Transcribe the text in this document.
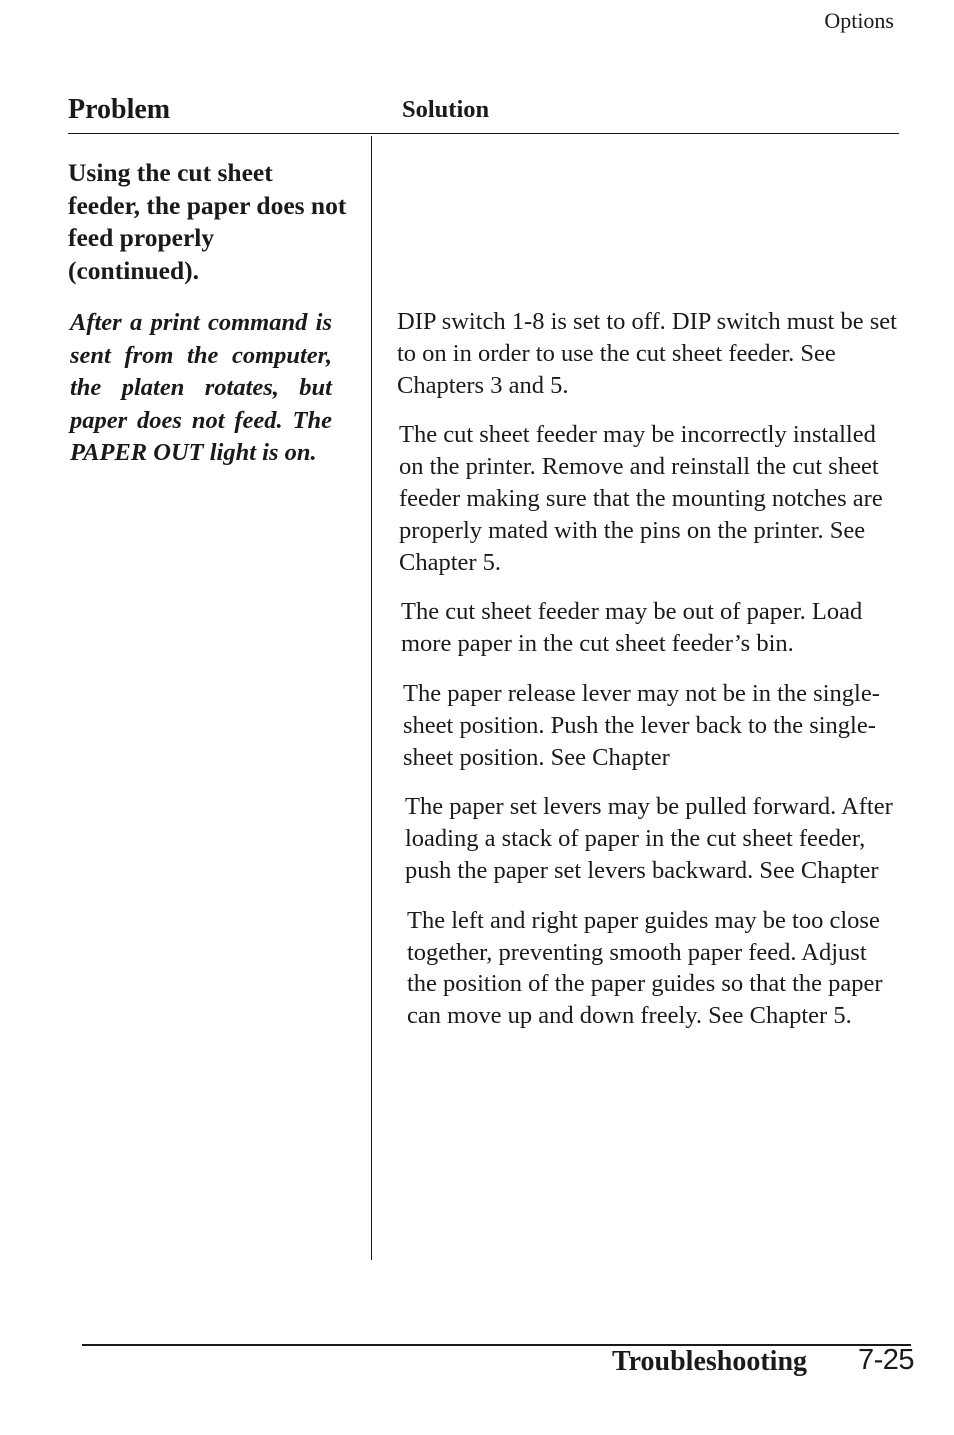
Options
Problem	Solution
Using the cut sheet feeder, the paper does not feed properly (continued).
After a print command is sent from the computer, the platen rotates, but paper does not feed. The PAPER OUT light is on.

DIP switch 1-8 is set to off. DIP switch must be set to on in order to use the cut sheet feeder. See Chapters 3 and 5.

The cut sheet feeder may be incorrectly installed on the printer. Remove and reinstall the cut sheet feeder making sure that the mounting notches are properly mated with the pins on the printer. See Chapter 5.

The cut sheet feeder may be out of paper. Load more paper in the cut sheet feeder’s bin.

The paper release lever may not be in the single-sheet position. Push the lever back to the single-sheet position. See Chapter

The paper set levers may be pulled forward. After loading a stack of paper in the cut sheet feeder, push the paper set levers backward. See Chapter

The left and right paper guides may be too close together, preventing smooth paper feed. Adjust the position of the paper guides so that the paper can move up and down freely. See Chapter 5.

Troubleshooting 7-25
